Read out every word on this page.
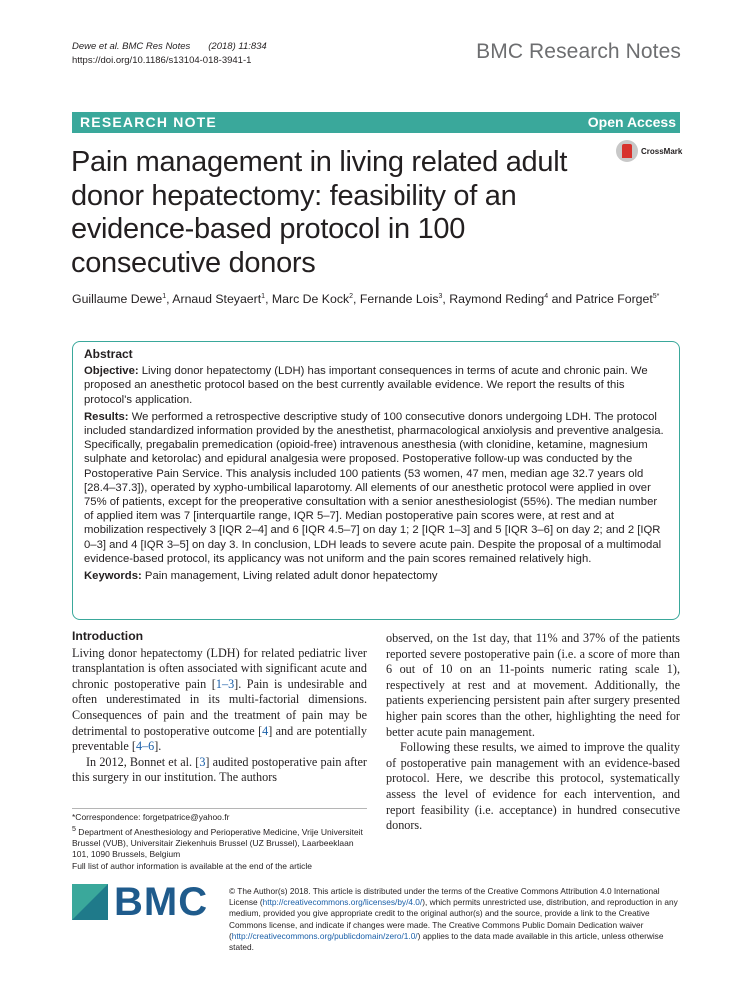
Dewe et al. BMC Res Notes (2018) 11:834
https://doi.org/10.1186/s13104-018-3941-1	BMC Research Notes
RESEARCH NOTE	Open Access
CrossMark
Pain management in living related adult donor hepatectomy: feasibility of an evidence-based protocol in 100 consecutive donors
Guillaume Dewe$^1$, Arnaud Steyaert$^1$, Marc De Kock$^2$, Fernande Lois$^3$, Raymond Reding$^4$ and Patrice Forget$^{5*}$
Abstract

Objective: Living donor hepatectomy (LDH) has important consequences in terms of acute and chronic pain. We proposed an anesthetic protocol based on the best currently available evidence. We report the results of this protocol's application.

Results: We performed a retrospective descriptive study of 100 consecutive donors undergoing LDH. The protocol included standardized information provided by the anesthetist, pharmacological anxiolysis and preventive analgesia. Specifically, pregabalin premedication (opioid-free) intravenous anesthesia (with clonidine, ketamine, magnesium sulphate and ketorolac) and epidural analgesia were proposed. Postoperative follow-up was conducted by the Postoperative Pain Service. This analysis included 100 patients (53 women, 47 men, median age 32.7 years old [28.4–37.3]), operated by xypho-umbilical laparotomy. All elements of our anesthetic protocol were applied in over 75% of patients, except for the preoperative consultation with a senior anesthesiologist (55%). The median number of applied item was 7 [interquartile range, IQR 5–7]. Median postoperative pain scores were, at rest and at mobilization respectively 3 [IQR 2–4] and 6 [IQR 4.5–7] on day 1; 2 [IQR 1–3] and 5 [IQR 3–6] on day 2; and 2 [IQR 0–3] and 4 [IQR 3–5] on day 3. In conclusion, LDH leads to severe acute pain. Despite the proposal of a multimodal evidence-based protocol, its applicancy was not uniform and the pain scores remained relatively high.

Keywords: Pain management, Living related adult donor hepatectomy

Introduction

Living donor hepatectomy (LDH) for related pediatric liver transplantation is often associated with significant acute and chronic postoperative pain [1–3]. Pain is undesirable and often underestimated in its multi-factorial dimensions. Consequences of pain and the treatment of pain may be detrimental to postoperative outcome [4] and are potentially preventable [4–6].

In 2012, Bonnet et al. [3] audited postoperative pain after this surgery in our institution. The authors

observed, on the 1st day, that 11% and 37% of the patients reported severe postoperative pain (i.e. a score of more than 6 out of 10 on an 11-points numeric rating scale 1), respectively at rest and at movement. Additionally, the patients experiencing persistent pain after surgery presented higher pain scores than the other, highlighting the need for better acute pain management.

Following these results, we aimed to improve the quality of postoperative pain management with an evidence-based protocol. Here, we describe this protocol, systematically assess the level of evidence for each intervention, and report feasibility (i.e. acceptance) in hundred consecutive donors.

*Correspondence: forgetpatrice@yahoo.fr

$^5$ Department of Anesthesiology and Perioperative Medicine, Vrije Universiteit Brussel (VUB), Universitair Ziekenhuis Brussel (UZ Brussel), Laarbeeklaan 101, 1090 Brussels, Belgium

Full list of author information is available at the end of the article

BMC	© The Author(s) 2018. This article is distributed under the terms of the Creative Commons Attribution 4.0 International License (http://creativecommons.org/licenses/by/4.0/), which permits unrestricted use, distribution, and reproduction in any medium, provided you give appropriate credit to the original author(s) and the source, provide a link to the Creative Commons license, and indicate if changes were made. The Creative Commons Public Domain Dedication waiver (http://creativecommons.org/publicdomain/zero/1.0/) applies to the data made available in this article, unless otherwise stated.
